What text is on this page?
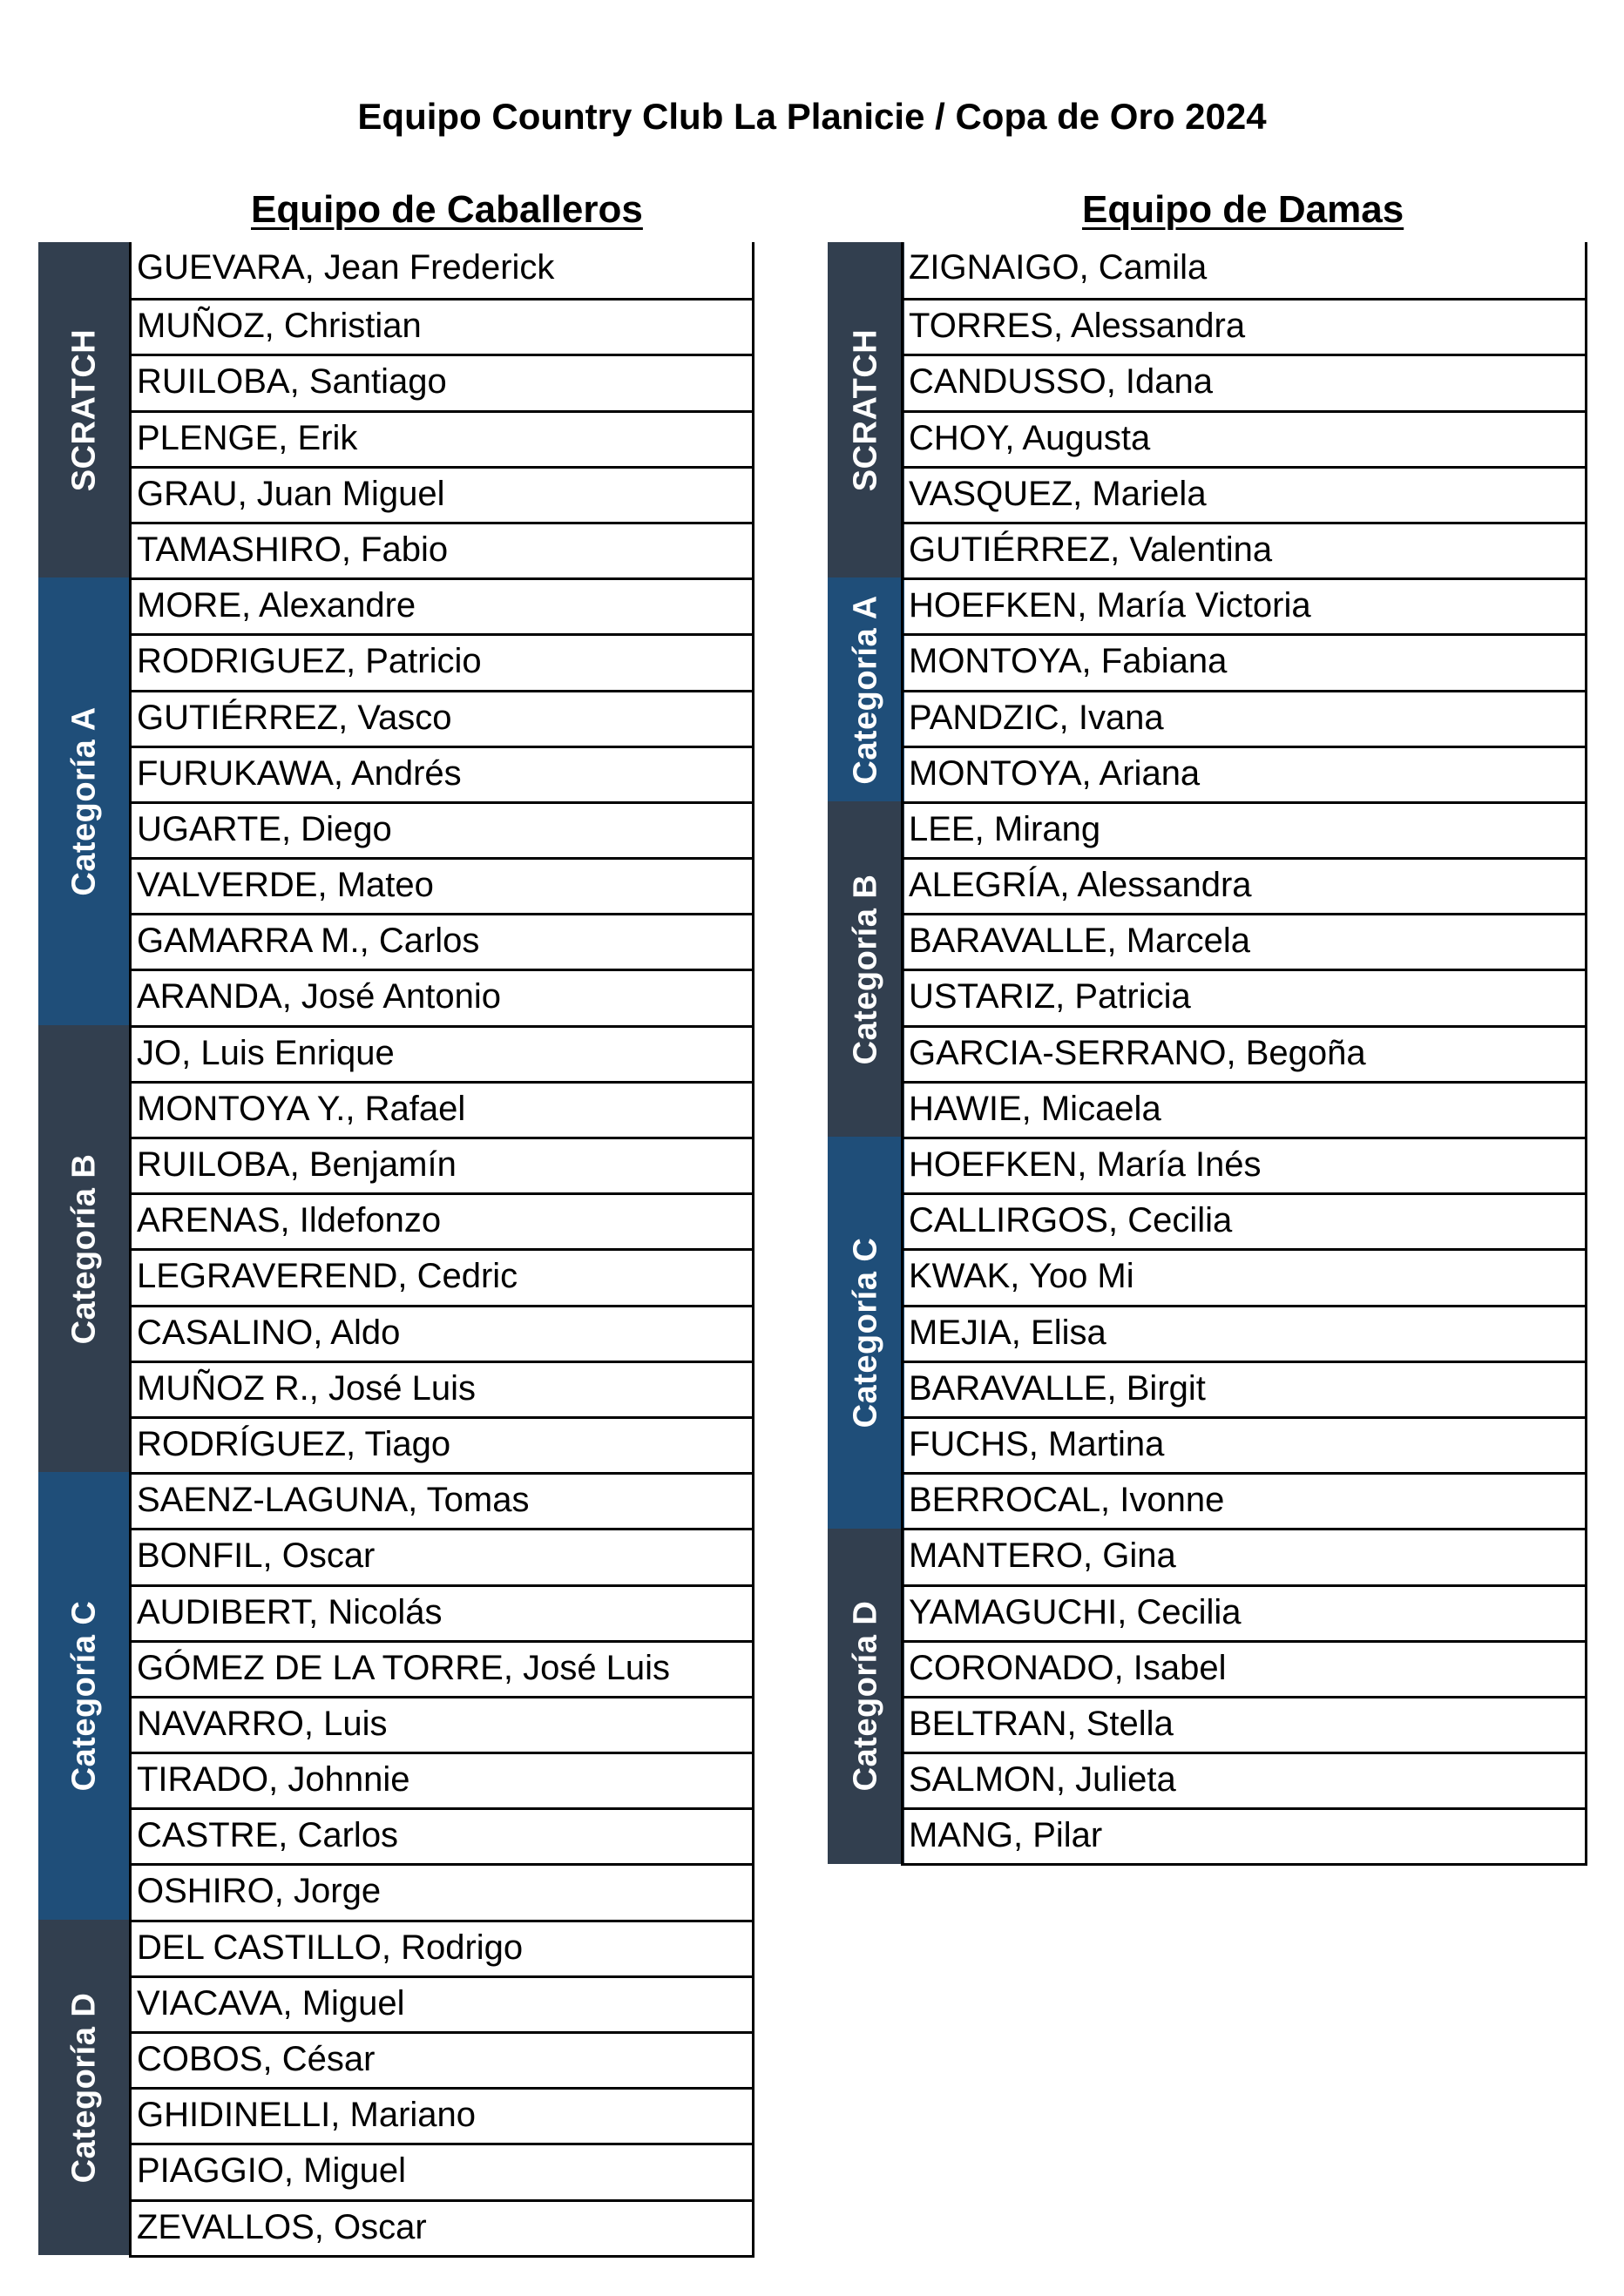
Equipo Country Club La Planicie / Copa de Oro 2024
Equipo de Caballeros
SCRATCH
Categoría A
Categoría B
Categoría C
Categoría D
GUEVARA, Jean Frederick
MUÑOZ, Christian
RUILOBA, Santiago
PLENGE, Erik
GRAU, Juan Miguel
TAMASHIRO, Fabio
MORE, Alexandre
RODRIGUEZ, Patricio
GUTIÉRREZ, Vasco
FURUKAWA, Andrés
UGARTE, Diego
VALVERDE, Mateo
GAMARRA M., Carlos
ARANDA, José Antonio
JO, Luis Enrique
MONTOYA Y., Rafael
RUILOBA, Benjamín
ARENAS, Ildefonzo
LEGRAVEREND, Cedric
CASALINO, Aldo
MUÑOZ R., José Luis
RODRÍGUEZ, Tiago
SAENZ-LAGUNA, Tomas
BONFIL, Oscar
AUDIBERT, Nicolás
GÓMEZ DE LA TORRE, José Luis
NAVARRO, Luis
TIRADO, Johnnie
CASTRE, Carlos
OSHIRO, Jorge
DEL CASTILLO, Rodrigo
VIACAVA, Miguel
COBOS, César
GHIDINELLI, Mariano
PIAGGIO, Miguel
ZEVALLOS, Oscar
Equipo de Damas
SCRATCH
Categoría A
Categoría B
Categoría C
Categoría D
ZIGNAIGO, Camila
TORRES, Alessandra
CANDUSSO, Idana
CHOY, Augusta
VASQUEZ, Mariela
GUTIÉRREZ, Valentina
HOEFKEN, María Victoria
MONTOYA, Fabiana
PANDZIC, Ivana
MONTOYA, Ariana
LEE, Mirang
ALEGRÍA, Alessandra
BARAVALLE, Marcela
USTARIZ, Patricia
GARCIA-SERRANO, Begoña
HAWIE, Micaela
HOEFKEN, María Inés
CALLIRGOS, Cecilia
KWAK, Yoo Mi
MEJIA, Elisa
BARAVALLE, Birgit
FUCHS, Martina
BERROCAL, Ivonne
MANTERO, Gina
YAMAGUCHI, Cecilia
CORONADO, Isabel
BELTRAN, Stella
SALMON, Julieta
MANG, Pilar
